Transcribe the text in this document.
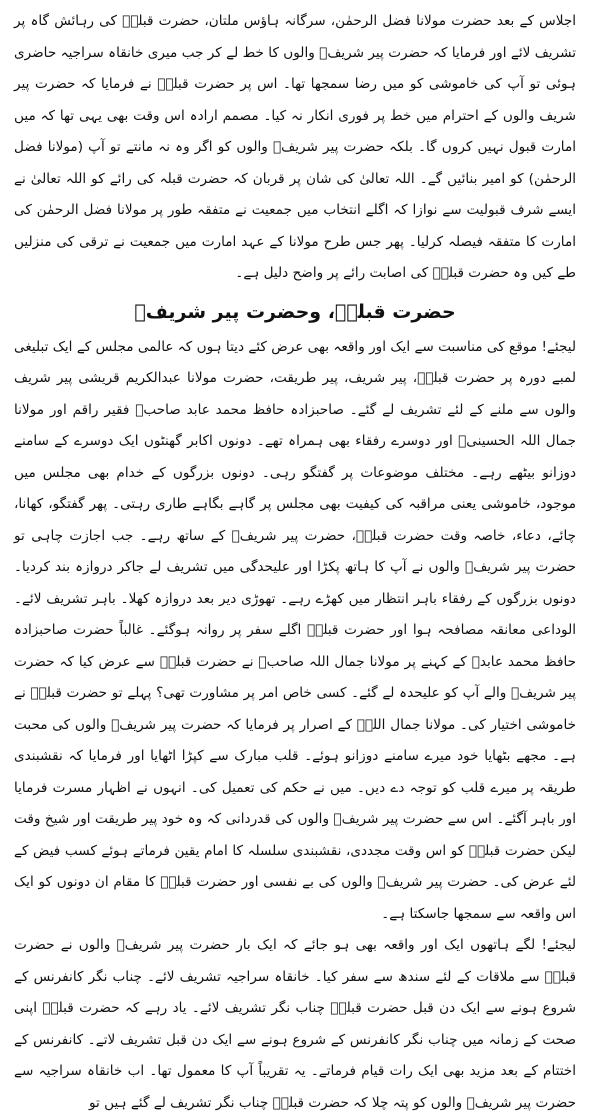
اجلاس کے بعد حضرت مولانا فضل الرحمٰن، سرگانہ ہاؤس ملتان، حضرت قبلہؒ کی رہائش گاہ پر تشریف لائے اور فرمایا کہ حضرت پیر شریفؒ والوں کا خط لے کر جب میری خانقاہ سراجیہ حاضری ہوئی تو آپ کی خاموشی کو میں رضا سمجھا تھا۔ اس پر حضرت قبلہؒ نے فرمایا کہ حضرت پیر شریف والوں کے احترام میں خط پر فوری انکار نہ کیا۔ مصمم ارادہ اس وقت بھی یہی تھا کہ میں امارت قبول نہیں کروں گا۔ بلکہ حضرت پیر شریفؒ والوں کو اگر وہ نہ مانتے تو آپ (مولانا فضل الرحمٰن) کو امیر بنائیں گے۔ اللہ تعالیٰ کی شان پر قربان کہ حضرت قبلہ کی رائے کو اللہ تعالیٰ نے ایسے شرف قبولیت سے نوازا کہ اگلے انتخاب میں جمعیت نے متفقہ طور پر مولانا فضل الرحمٰن کی امارت کا متفقہ فیصلہ کرلیا۔ پھر جس طرح مولانا کے عہد امارت میں جمعیت نے ترقی کی منزلیں طے کیں وہ حضرت قبلہؒ کی اصابت رائے پر واضح دلیل ہے۔

حضرت قبلہؒ، وحضرت پیر شریفؒ

لیجئے! موقع کی مناسبت سے ایک اور واقعہ بھی عرض کئے دیتا ہوں کہ عالمی مجلس کے ایک تبلیغی لمبے دورہ پر حضرت قبلہؒ، پیر شریف، پیر طریقت، حضرت مولانا عبدالکریم قریشی پیر شریف والوں سے ملنے کے لئے تشریف لے گئے۔ صاحبزادہ حافظ محمد عابد صاحبؒ فقیر راقم اور مولانا جمال اللہ الحسینیؒ اور دوسرے رفقاء بھی ہمراہ تھے۔ دونوں اکابر گھنٹوں ایک دوسرے کے سامنے دوزانو بیٹھے رہے۔ مختلف موضوعات پر گفتگو رہی۔ دونوں بزرگوں کے خدام بھی مجلس میں موجود، خاموشی یعنی مراقبہ کی کیفیت بھی مجلس پر گاہے بگاہے طاری رہتی۔ پھر گفتگو، کھانا، چائے، دعاء، خاصہ وقت حضرت قبلہؒ، حضرت پیر شریفؒ کے ساتھ رہے۔ جب اجازت چاہی تو حضرت پیر شریفؒ والوں نے آپ کا ہاتھ پکڑا اور علیحدگی میں تشریف لے جاکر دروازہ بند کردیا۔ دونوں بزرگوں کے رفقاء باہر انتظار میں کھڑے رہے۔ تھوڑی دیر بعد دروازہ کھلا۔ باہر تشریف لائے۔ الوداعی معانقہ مصافحہ ہوا اور حضرت قبلہؒ اگلے سفر پر روانہ ہوگئے۔ غالباً حضرت صاحبزادہ حافظ محمد عابدؒ کے کہنے پر مولانا جمال اللہ صاحبؒ نے حضرت قبلہؒ سے عرض کیا کہ حضرت پیر شریفؒ والے آپ کو علیحدہ لے گئے۔ کسی خاص امر پر مشاورت تھی؟ پہلے تو حضرت قبلہؒ نے خاموشی اختیار کی۔ مولانا جمال اللہؒ کے اصرار پر فرمایا کہ حضرت پیر شریفؒ والوں کی محبت ہے۔ مجھے بٹھایا خود میرے سامنے دوزانو ہوئے۔ قلب مبارک سے کپڑا اٹھایا اور فرمایا کہ نقشبندی طریقہ پر میرے قلب کو توجہ دے دیں۔ میں نے حکم کی تعمیل کی۔ انہوں نے اظہار مسرت فرمایا اور باہر آگئے۔ اس سے حضرت پیر شریفؒ والوں کی قدردانی کہ وہ خود پیر طریقت اور شیخ وقت لیکن حضرت قبلہؒ کو اس وقت مجددی، نقشبندی سلسلہ کا امام یقین فرماتے ہوئے کسب فیض کے لئے عرض کی۔ حضرت پیر شریفؒ والوں کی بے نفسی اور حضرت قبلہؒ کا مقام ان دونوں کو ایک اس واقعہ سے سمجھا جاسکتا ہے۔

لیجئے! لگے ہاتھوں ایک اور واقعہ بھی ہو جائے کہ ایک بار حضرت پیر شریفؒ والوں نے حضرت قبلہؒ سے ملاقات کے لئے سندھ سے سفر کیا۔ خانقاہ سراجیہ تشریف لائے۔ چناب نگر کانفرنس کے شروع ہونے سے ایک دن قبل حضرت قبلہؒ چناب نگر تشریف لائے۔ یاد رہے کہ حضرت قبلہؒ اپنی صحت کے زمانہ میں چناب نگر کانفرنس کے شروع ہونے سے ایک دن قبل تشریف لاتے۔ کانفرنس کے اختتام کے بعد مزید بھی ایک رات قیام فرماتے۔ یہ تقریباً آپ کا معمول تھا۔ اب خانقاہ سراجیہ سے حضرت پیر شریفؒ والوں کو پتہ چلا کہ حضرت قبلہؒ چناب نگر تشریف لے گئے ہیں تو
